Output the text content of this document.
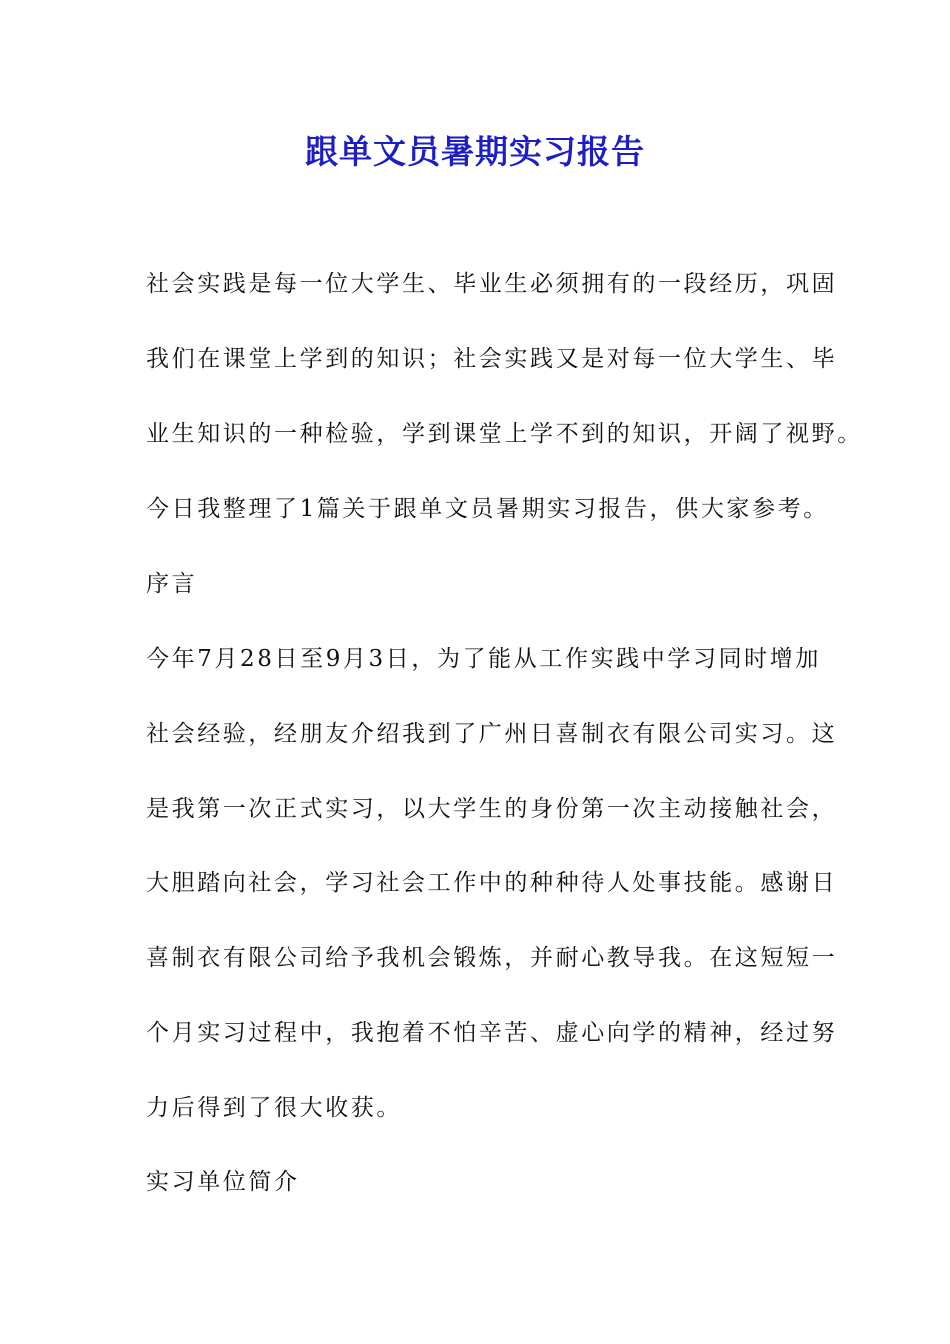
跟单文员暑期实习报告

社会实践是每一位大学生、毕业生必须拥有的一段经历，巩固

我们在课堂上学到的知识；社会实践又是对每一位大学生、毕

业生知识的一种检验，学到课堂上学不到的知识，开阔了视野。

今日我整理了1篇关于跟单文员暑期实习报告，供大家参考。

序言

今年7月28日至9月3日，为了能从工作实践中学习同时增加

社会经验，经朋友介绍我到了广州日喜制衣有限公司实习。这

是我第一次正式实习，以大学生的身份第一次主动接触社会，

大胆踏向社会，学习社会工作中的种种待人处事技能。感谢日

喜制衣有限公司给予我机会锻炼，并耐心教导我。在这短短一

个月实习过程中，我抱着不怕辛苦、虚心向学的精神，经过努

力后得到了很大收获。

实习单位简介
